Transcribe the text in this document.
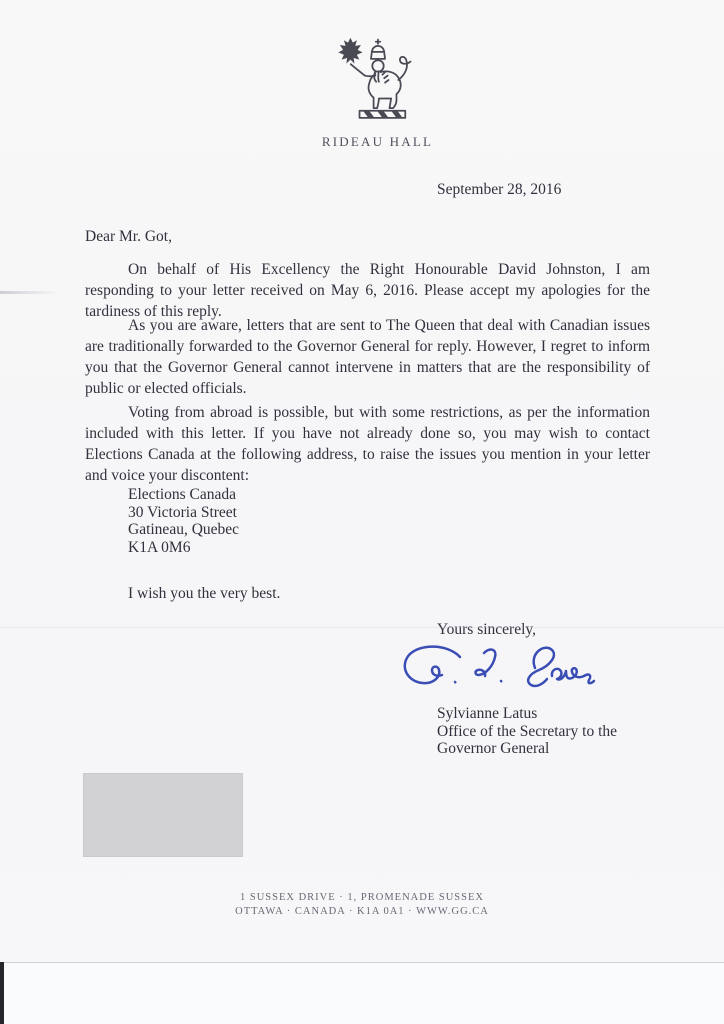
RIDEAU HALL
September 28, 2016
Dear Mr. Got,

On behalf of His Excellency the Right Honourable David Johnston, I am responding to your letter received on May 6, 2016. Please accept my apologies for the tardiness of this reply.

As you are aware, letters that are sent to The Queen that deal with Canadian issues are traditionally forwarded to the Governor General for reply. However, I regret to inform you that the Governor General cannot intervene in matters that are the responsibility of public or elected officials.

Voting from abroad is possible, but with some restrictions, as per the information included with this letter. If you have not already done so, you may wish to contact Elections Canada at the following address, to raise the issues you mention in your letter and voice your discontent:

Elections Canada
30 Victoria Street
Gatineau, Quebec
K1A 0M6
I wish you the very best.
Yours sincerely,
Sylvianne Latus
Office of the Secretary to the
Governor General
1 SUSSEX DRIVE · 1, PROMENADE SUSSEX
OTTAWA · CANADA · K1A 0A1 · WWW.GG.CA
